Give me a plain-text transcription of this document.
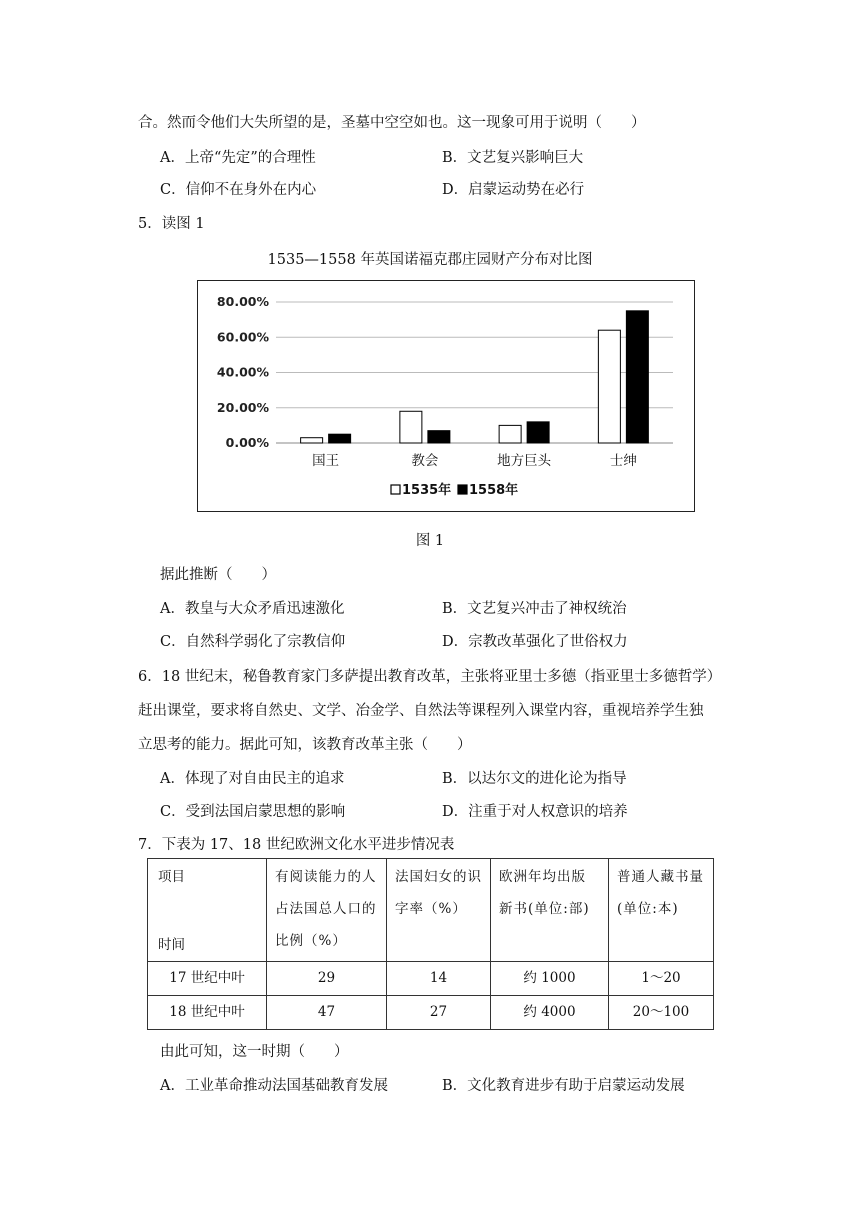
合。然而令他们大失所望的是，圣墓中空空如也。这一现象可用于说明（　　）
A．上帝“先定”的合理性	B．文艺复兴影响巨大
C．信仰不在身外在内心	D．启蒙运动势在必行
5．读图 1
1535—1558 年英国诺福克郡庄园财产分布对比图
0.00%
20.00%
40.00%
60.00%
80.00%
国王	教会	地方巨头	士绅
1535年 1558年
图 1
据此推断（　　）
A．教皇与大众矛盾迅速激化	B．文艺复兴冲击了神权统治
C．自然科学弱化了宗教信仰	D．宗教改革强化了世俗权力
6．18 世纪末，秘鲁教育家门多萨提出教育改革，主张将亚里士多德（指亚里士多德哲学）
赶出课堂，要求将自然史、文学、冶金学、自然法等课程列入课堂内容，重视培养学生独
立思考的能力。据此可知，该教育改革主张（　　）
A．体现了对自由民主的追求	B．以达尔文的进化论为指导
C．受到法国启蒙思想的影响	D．注重于对人权意识的培养
7．下表为 17、18 世纪欧洲文化水平进步情况表
项目
时间	有阅读能力的人占法国总人口的比例（%）	法国妇女的识字率（%）	欧洲年均出版新书(单位:部)	普通人藏书量(单位:本)

17 世纪中叶	29	14	约 1000	1～20
18 世纪中叶	47	27	约 4000	20～100
由此可知，这一时期（　　）
A．工业革命推动法国基础教育发展	B．文化教育进步有助于启蒙运动发展
